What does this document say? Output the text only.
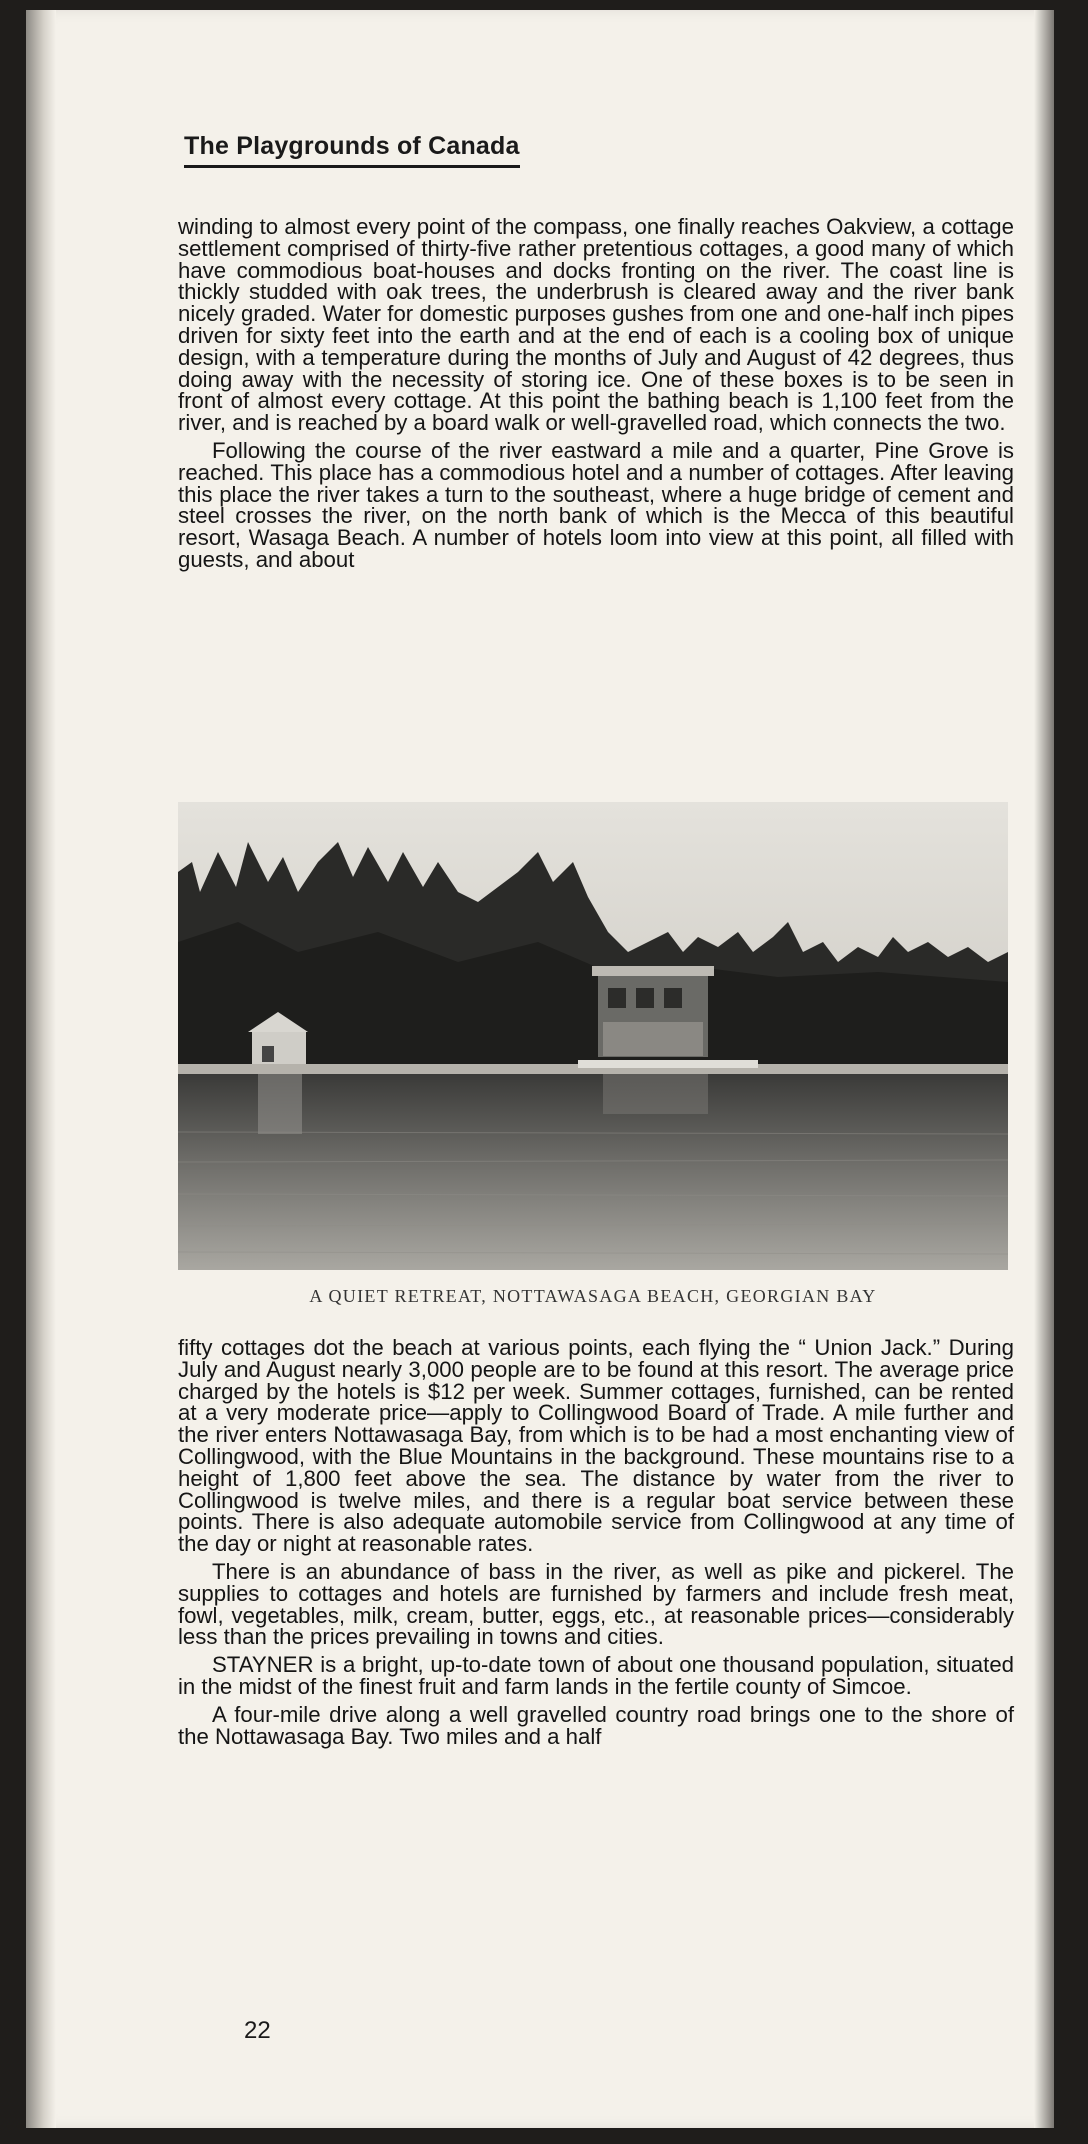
The Playgrounds of Canada

winding to almost every point of the compass, one finally reaches Oakview, a cottage settlement comprised of thirty-five rather pretentious cottages, a good many of which have commodious boat-houses and docks fronting on the river. The coast line is thickly studded with oak trees, the underbrush is cleared away and the river bank nicely graded. Water for domestic purposes gushes from one and one-half inch pipes driven for sixty feet into the earth and at the end of each is a cooling box of unique design, with a temperature during the months of July and August of 42 degrees, thus doing away with the necessity of storing ice. One of these boxes is to be seen in front of almost every cottage. At this point the bathing beach is 1,100 feet from the river, and is reached by a board walk or well-gravelled road, which connects the two.

Following the course of the river eastward a mile and a quarter, Pine Grove is reached. This place has a commodious hotel and a number of cottages. After leaving this place the river takes a turn to the southeast, where a huge bridge of cement and steel crosses the river, on the north bank of which is the Mecca of this beautiful resort, Wasaga Beach. A number of hotels loom into view at this point, all filled with guests, and about

A QUIET RETREAT, NOTTAWASAGA BEACH, GEORGIAN BAY

fifty cottages dot the beach at various points, each flying the “ Union Jack.” During July and August nearly 3,000 people are to be found at this resort. The average price charged by the hotels is $12 per week. Summer cottages, furnished, can be rented at a very moderate price—apply to Collingwood Board of Trade. A mile further and the river enters Nottawasaga Bay, from which is to be had a most enchanting view of Collingwood, with the Blue Mountains in the background. These mountains rise to a height of 1,800 feet above the sea. The distance by water from the river to Collingwood is twelve miles, and there is a regular boat service between these points. There is also adequate automobile service from Collingwood at any time of the day or night at reasonable rates.

There is an abundance of bass in the river, as well as pike and pickerel. The supplies to cottages and hotels are furnished by farmers and include fresh meat, fowl, vegetables, milk, cream, butter, eggs, etc., at reasonable prices—considerably less than the prices prevailing in towns and cities.

STAYNER is a bright, up-to-date town of about one thousand population, situated in the midst of the finest fruit and farm lands in the fertile county of Simcoe.

A four-mile drive along a well gravelled country road brings one to the shore of the Nottawasaga Bay. Two miles and a half

22
